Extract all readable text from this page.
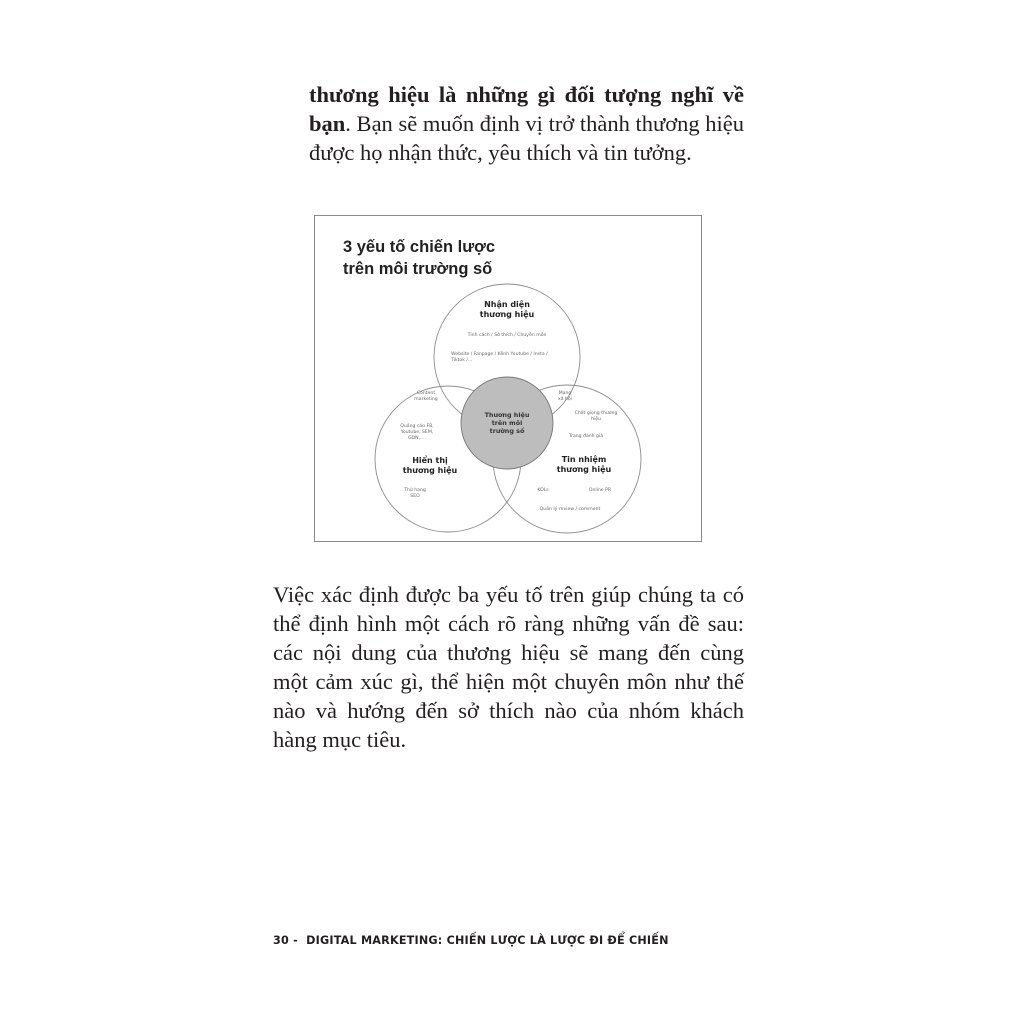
thương hiệu là những gì đối tượng nghĩ về bạn. Bạn sẽ muốn định vị trở thành thương hiệu được họ nhận thức, yêu thích và tin tưởng.

3 yếu tố chiến lược
trên môi trường số
Nhận diện
thương hiệu
Tính cách / Sở thích / Chuyên môn
Website / Fanpage / Kênh Youtube / Insta /
Tiktok /...
Content
marketing
Mạng
xã hội
Thương hiệu
trên môi
trường số
Quảng cáo FB,
Youtube, SEM,
GDN,....
Hiển thị
thương hiệu
Thứ hạng
SEO
Chất giọng thương
hiệu
Trang đánh giá
Tin nhiệm
thương hiệu
KOLs	Online PR
Quản lý review / comment

Việc xác định được ba yếu tố trên giúp chúng ta có thể định hình một cách rõ ràng những vấn đề sau: các nội dung của thương hiệu sẽ mang đến cùng một cảm xúc gì, thể hiện một chuyên môn như thế nào và hướng đến sở thích nào của nhóm khách hàng mục tiêu.

30 -  DIGITAL MARKETING: CHIẾN LƯỢC LÀ LƯỢC ĐI ĐỂ CHIẾN
